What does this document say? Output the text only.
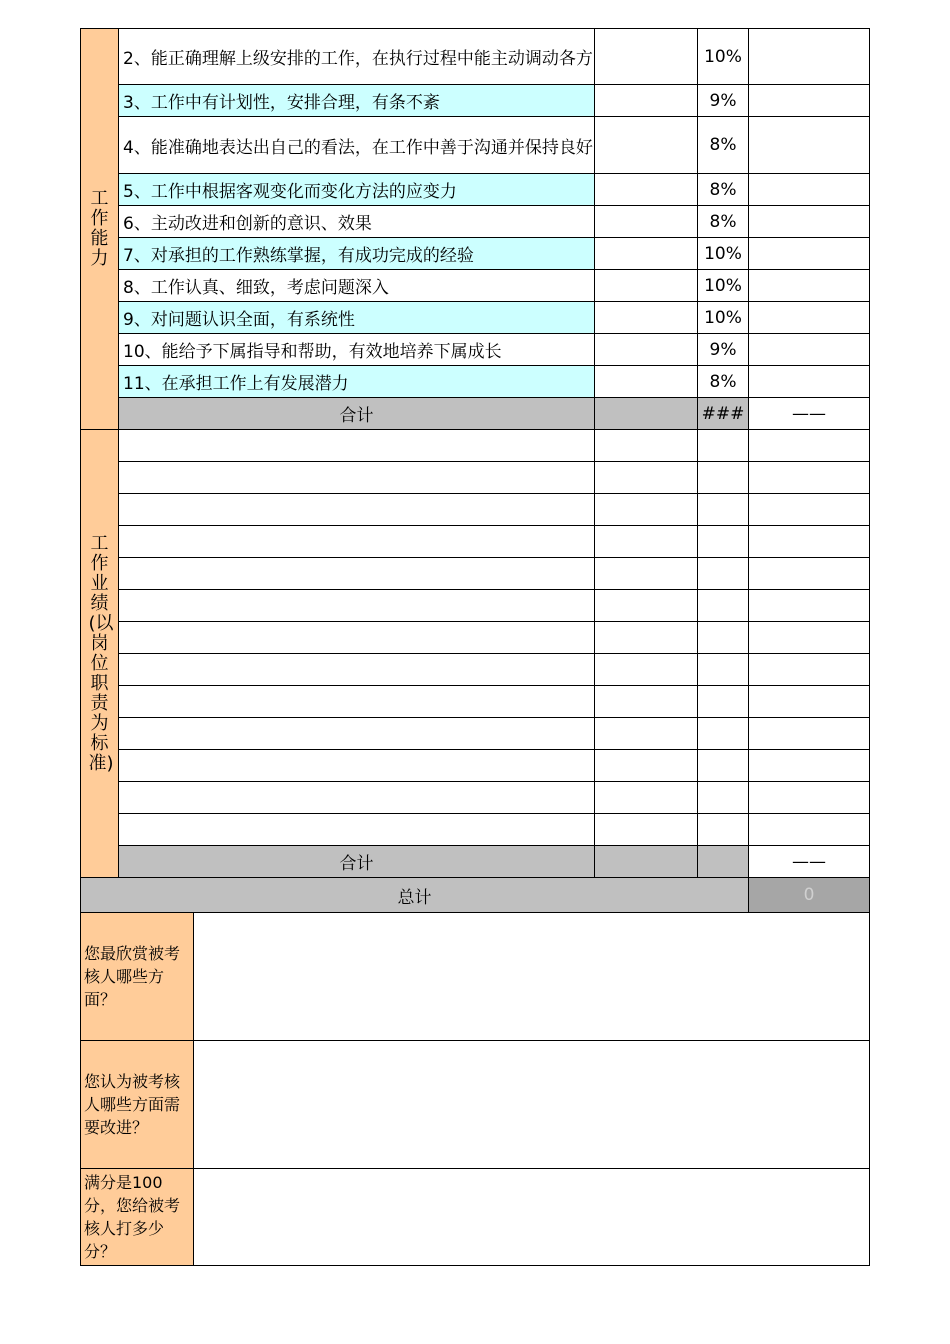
工作能力	2、能正确理解上级安排的工作，在执行过程中能主动调动各方			10%	
	3、工作中有计划性，安排合理，有条不紊			9%	
	4、能准确地表达出自己的看法，在工作中善于沟通并保持良好			8%	
	5、工作中根据客观变化而变化方法的应变力			8%	
	6、主动改进和创新的意识、效果			8%	
	7、对承担的工作熟练掌握，有成功完成的经验			10%	
	8、工作认真、细致，考虑问题深入			10%	
	9、对问题认识全面，有系统性			10%	
	10、能给予下属指导和帮助，有效地培养下属成长			9%	
	11、在承担工作上有发展潜力			8%	
	合计			###	——

工作业绩(以岗位职责为标准)					

	合计				——
总计					0
您最欣赏被考核人哪些方面？					
您认为被考核人哪些方面需要改进？					
满分是100分，您给被考核人打多少分？					
